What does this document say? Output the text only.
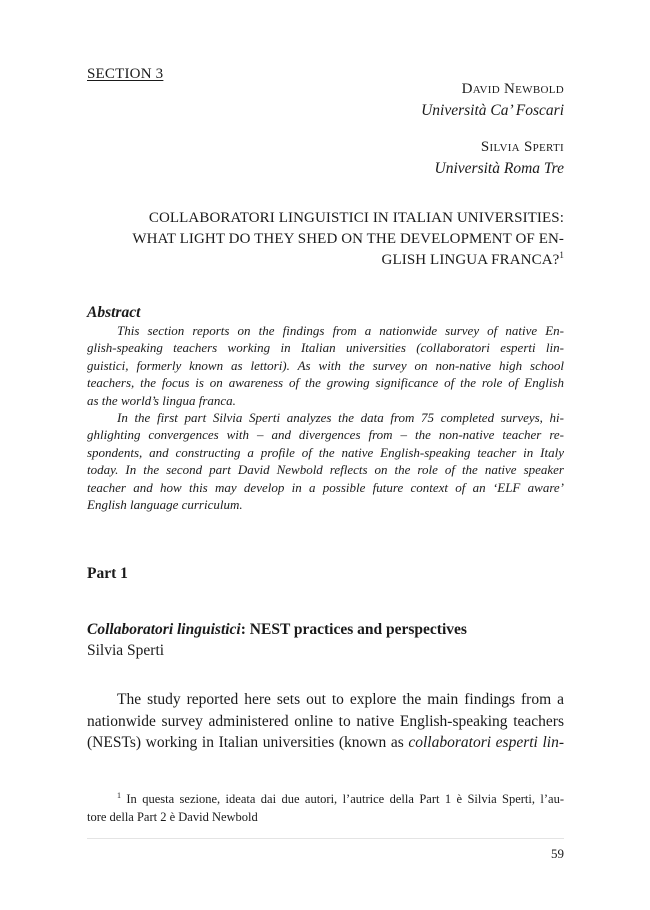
SECTION 3
David Newbold
Università Ca’ Foscari
Silvia Sperti
Università Roma Tre
COLLABORATORI LINGUISTICI IN ITALIAN UNIVERSITIES:
WHAT LIGHT DO THEY SHED ON THE DEVELOPMENT OF EN-
GLISH LINGUA FRANCA?$^1$
Abstract
This section reports on the findings from a nationwide survey of native En-
glish-speaking teachers working in Italian universities (collaboratori esperti lin-
guistici, formerly known as lettori). As with the survey on non-native high school
teachers, the focus is on awareness of the growing significance of the role of English
as the world’s lingua franca.
In the first part Silvia Sperti analyzes the data from 75 completed surveys, hi-
ghlighting convergences with – and divergences from – the non-native teacher re-
spondents, and constructing a profile of the native English-speaking teacher in Italy
today. In the second part David Newbold reflects on the role of the native speaker
teacher and how this may develop in a possible future context of an ‘ELF aware’
English language curriculum.
Part 1
Collaboratori linguistici: NEST practices and perspectives
Silvia Sperti
The study reported here sets out to explore the main findings from a
nationwide survey administered online to native English-speaking teachers
(NESTs) working in Italian universities (known as collaboratori esperti lin-
$^1$ In questa sezione, ideata dai due autori, l’autrice della Part 1 è Silvia Sperti, l’au-
tore della Part 2 è David Newbold
59
